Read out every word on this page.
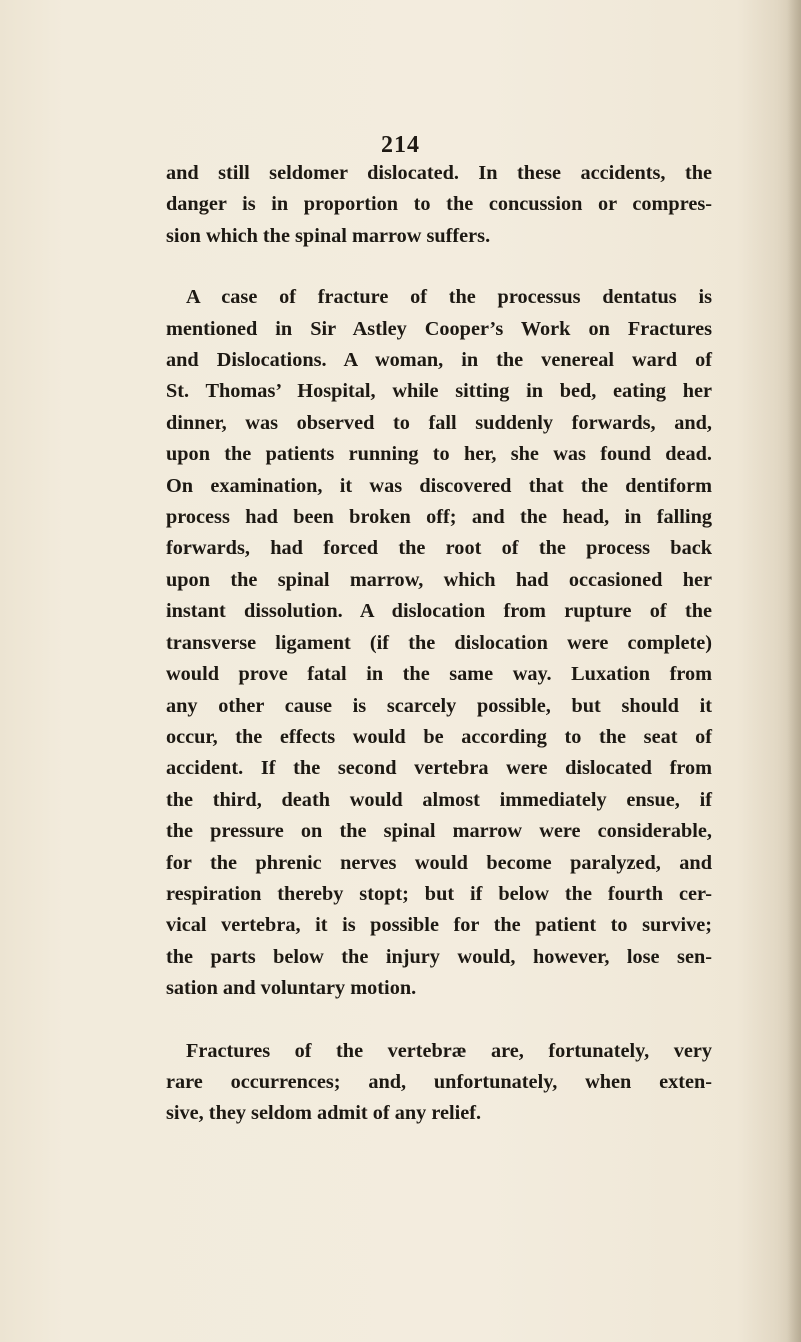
214
and still seldomer dislocated. In these accidents, the
danger is in proportion to the concussion or compres-
sion which the spinal marrow suffers.
A case of fracture of the processus dentatus is
mentioned in Sir Astley Cooper’s Work on Fractures
and Dislocations. A woman, in the venereal ward of
St. Thomas’ Hospital, while sitting in bed, eating her
dinner, was observed to fall suddenly forwards, and,
upon the patients running to her, she was found dead.
On examination, it was discovered that the dentiform
process had been broken off; and the head, in falling
forwards, had forced the root of the process back
upon the spinal marrow, which had occasioned her
instant dissolution. A dislocation from rupture of the
transverse ligament (if the dislocation were complete)
would prove fatal in the same way. Luxation from
any other cause is scarcely possible, but should it
occur, the effects would be according to the seat of
accident. If the second vertebra were dislocated from
the third, death would almost immediately ensue, if
the pressure on the spinal marrow were considerable,
for the phrenic nerves would become paralyzed, and
respiration thereby stopt; but if below the fourth cer-
vical vertebra, it is possible for the patient to survive;
the parts below the injury would, however, lose sen-
sation and voluntary motion.
Fractures of the vertebræ are, fortunately, very
rare occurrences; and, unfortunately, when exten-
sive, they seldom admit of any relief.
